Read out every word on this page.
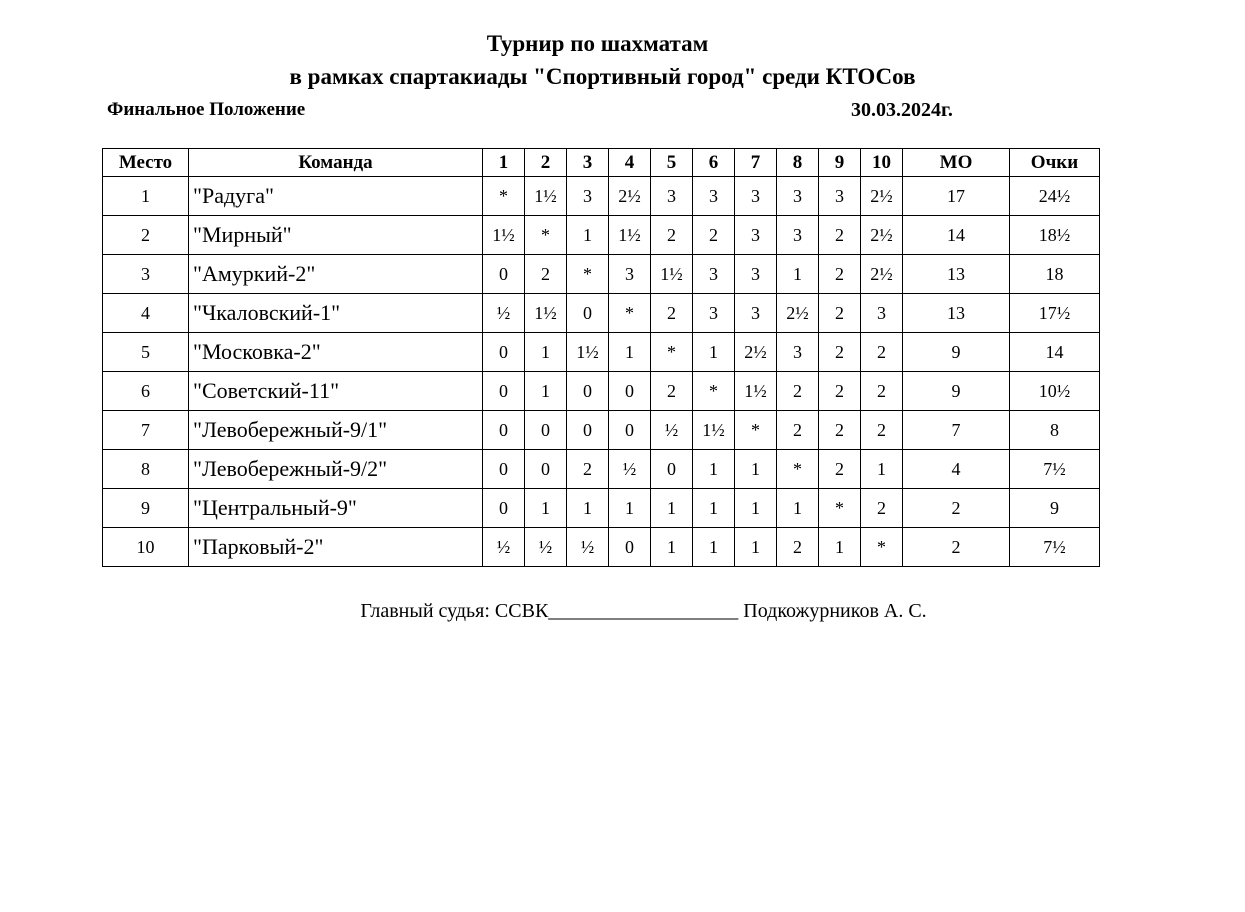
Турнир по шахматам
в рамках спартакиады "Спортивный город" среди КТОСов
Финальное Положение	30.03.2024г.
Место	Команда	1	2	3	4	5	6	7	8	9	10	МО	Очки
1	"Радуга"	*	1½	3	2½	3	3	3	3	3	2½	17	24½
2	"Мирный"	1½	*	1	1½	2	2	3	3	2	2½	14	18½
3	"Амуркий-2"	0	2	*	3	1½	3	3	1	2	2½	13	18
4	"Чкаловский-1"	½	1½	0	*	2	3	3	2½	2	3	13	17½
5	"Московка-2"	0	1	1½	1	*	1	2½	3	2	2	9	14
6	"Советский-11"	0	1	0	0	2	*	1½	2	2	2	9	10½
7	"Левобережный-9/1"	0	0	0	0	½	1½	*	2	2	2	7	8
8	"Левобережный-9/2"	0	0	2	½	0	1	1	*	2	1	4	7½
9	"Центральный-9"	0	1	1	1	1	1	1	1	*	2	2	9
10	"Парковый-2"	½	½	½	0	1	1	1	2	1	*	2	7½
Главный судья: ССВК___________________ Подкожурников А. С.
